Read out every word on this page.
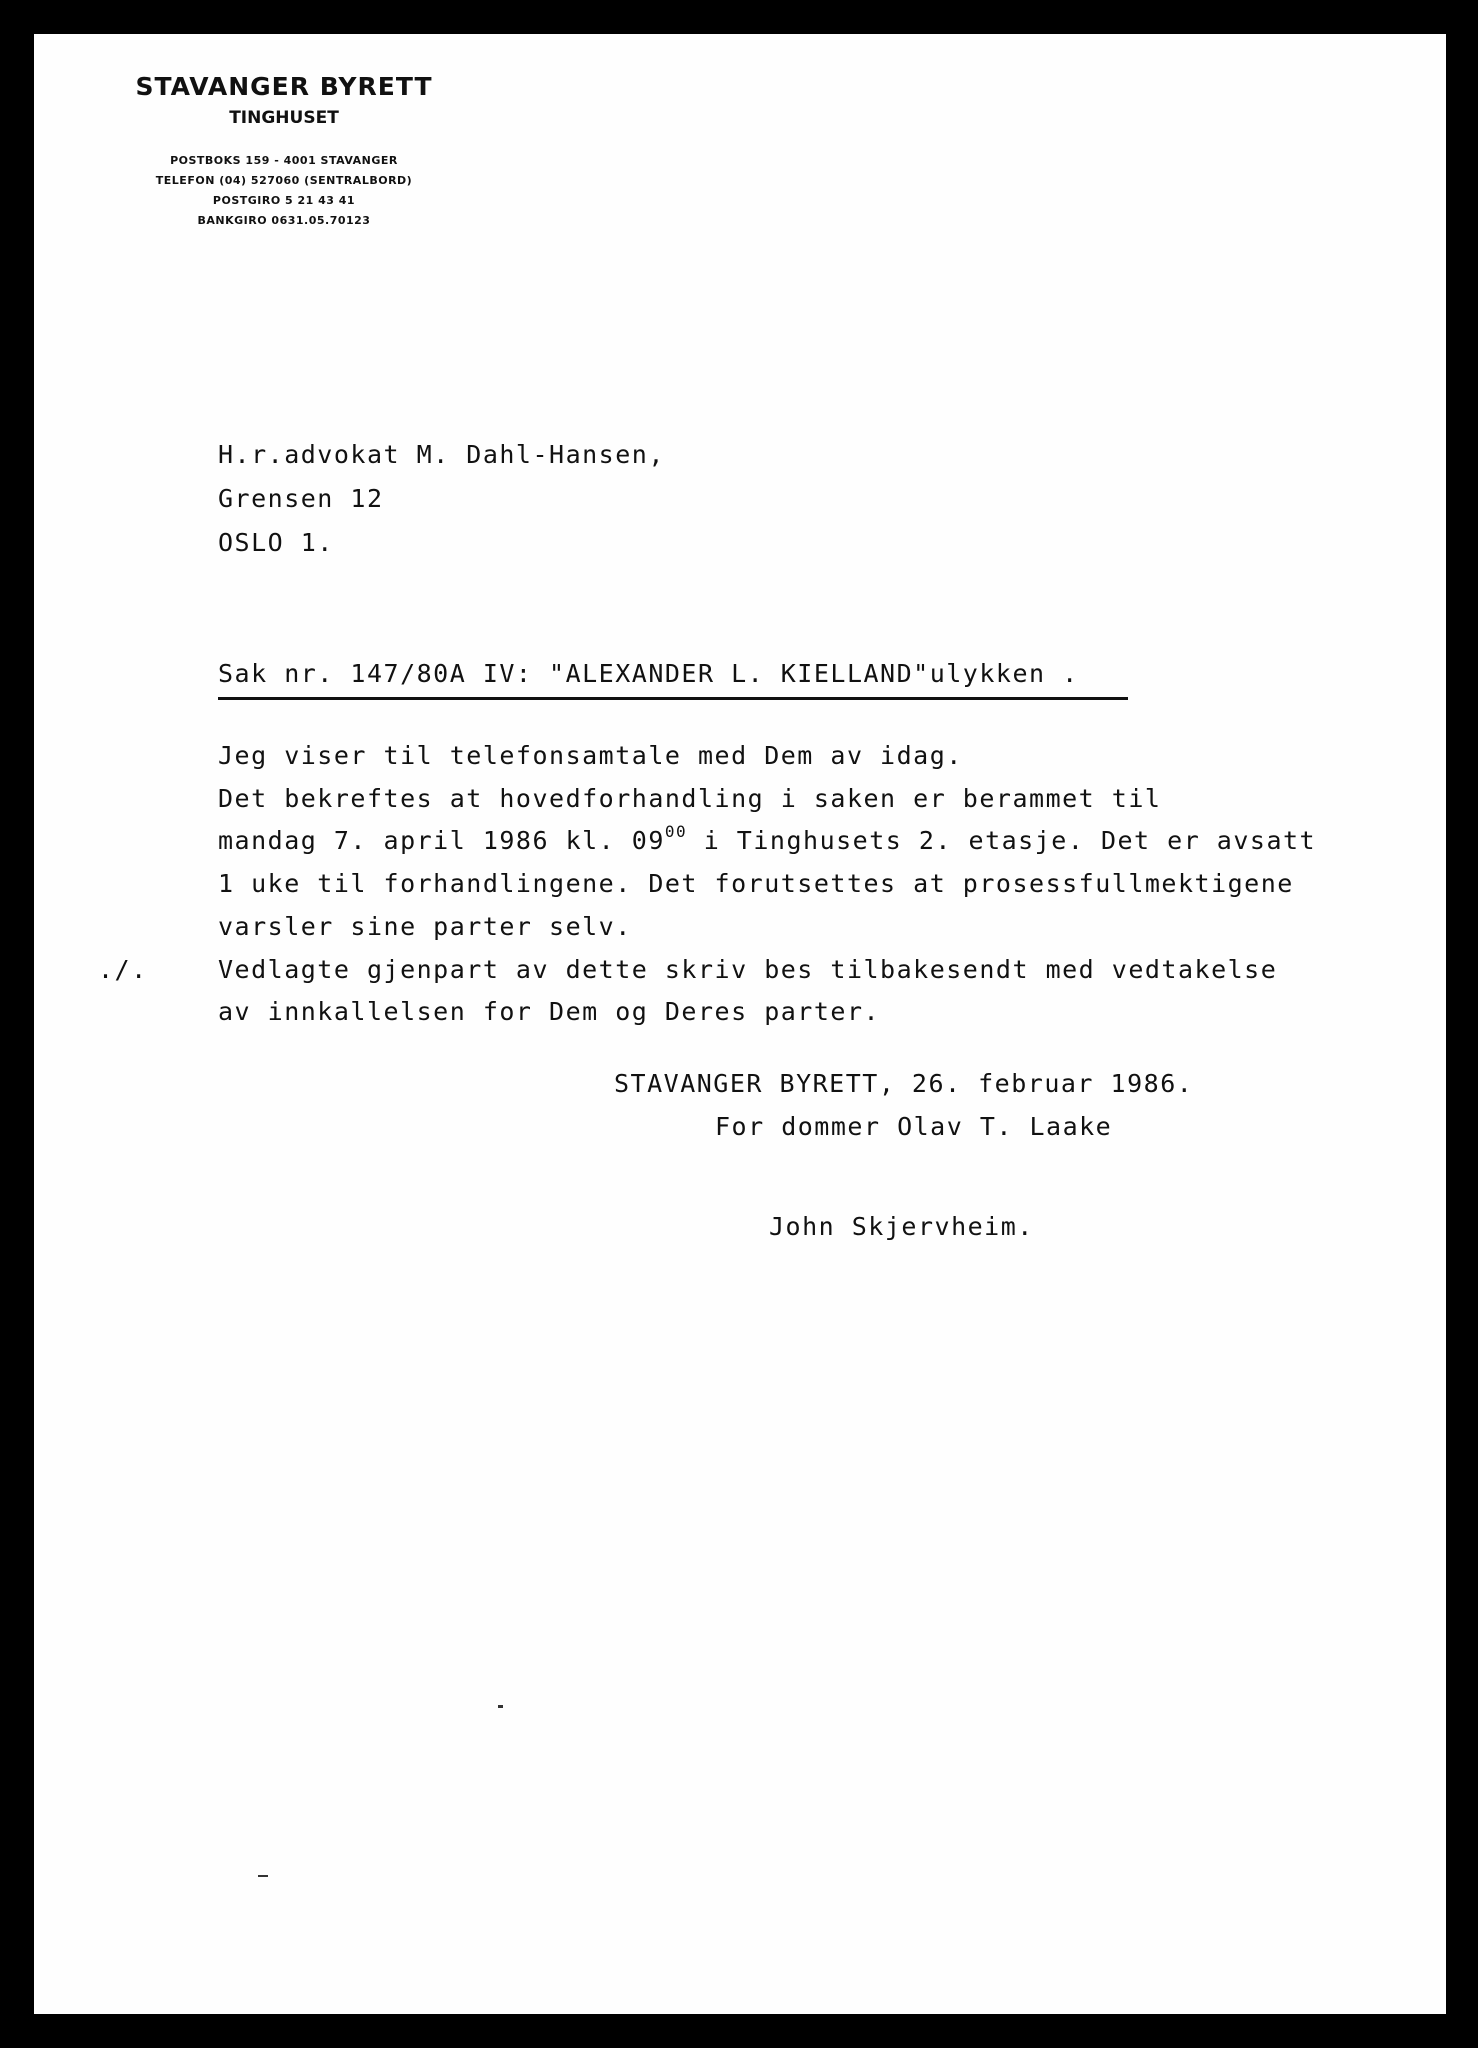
STAVANGER BYRETT
TINGHUSET
POSTBOKS 159 - 4001 STAVANGER
TELEFON (04) 527060 (SENTRALBORD)
POSTGIRO 5 21 43 41
BANKGIRO 0631.05.70123
H.r.advokat M. Dahl-Hansen,
Grensen 12
OSLO 1.
Sak nr. 147/80A IV: "ALEXANDER L. KIELLAND"ulykken .
Jeg viser til telefonsamtale med Dem av idag.
Det bekreftes at hovedforhandling i saken er berammet til
mandag 7. april 1986 kl. $09^{00}$ i Tinghusets 2. etasje. Det er avsatt
1 uke til forhandlingene. Det forutsettes at prosessfullmektigene
varsler sine parter selv.
./.	Vedlagte gjenpart av dette skriv bes tilbakesendt med vedtakelse
av innkallelsen for Dem og Deres parter.
STAVANGER BYRETT, 26. februar 1986.
For dommer Olav T. Laake
John Skjervheim.
